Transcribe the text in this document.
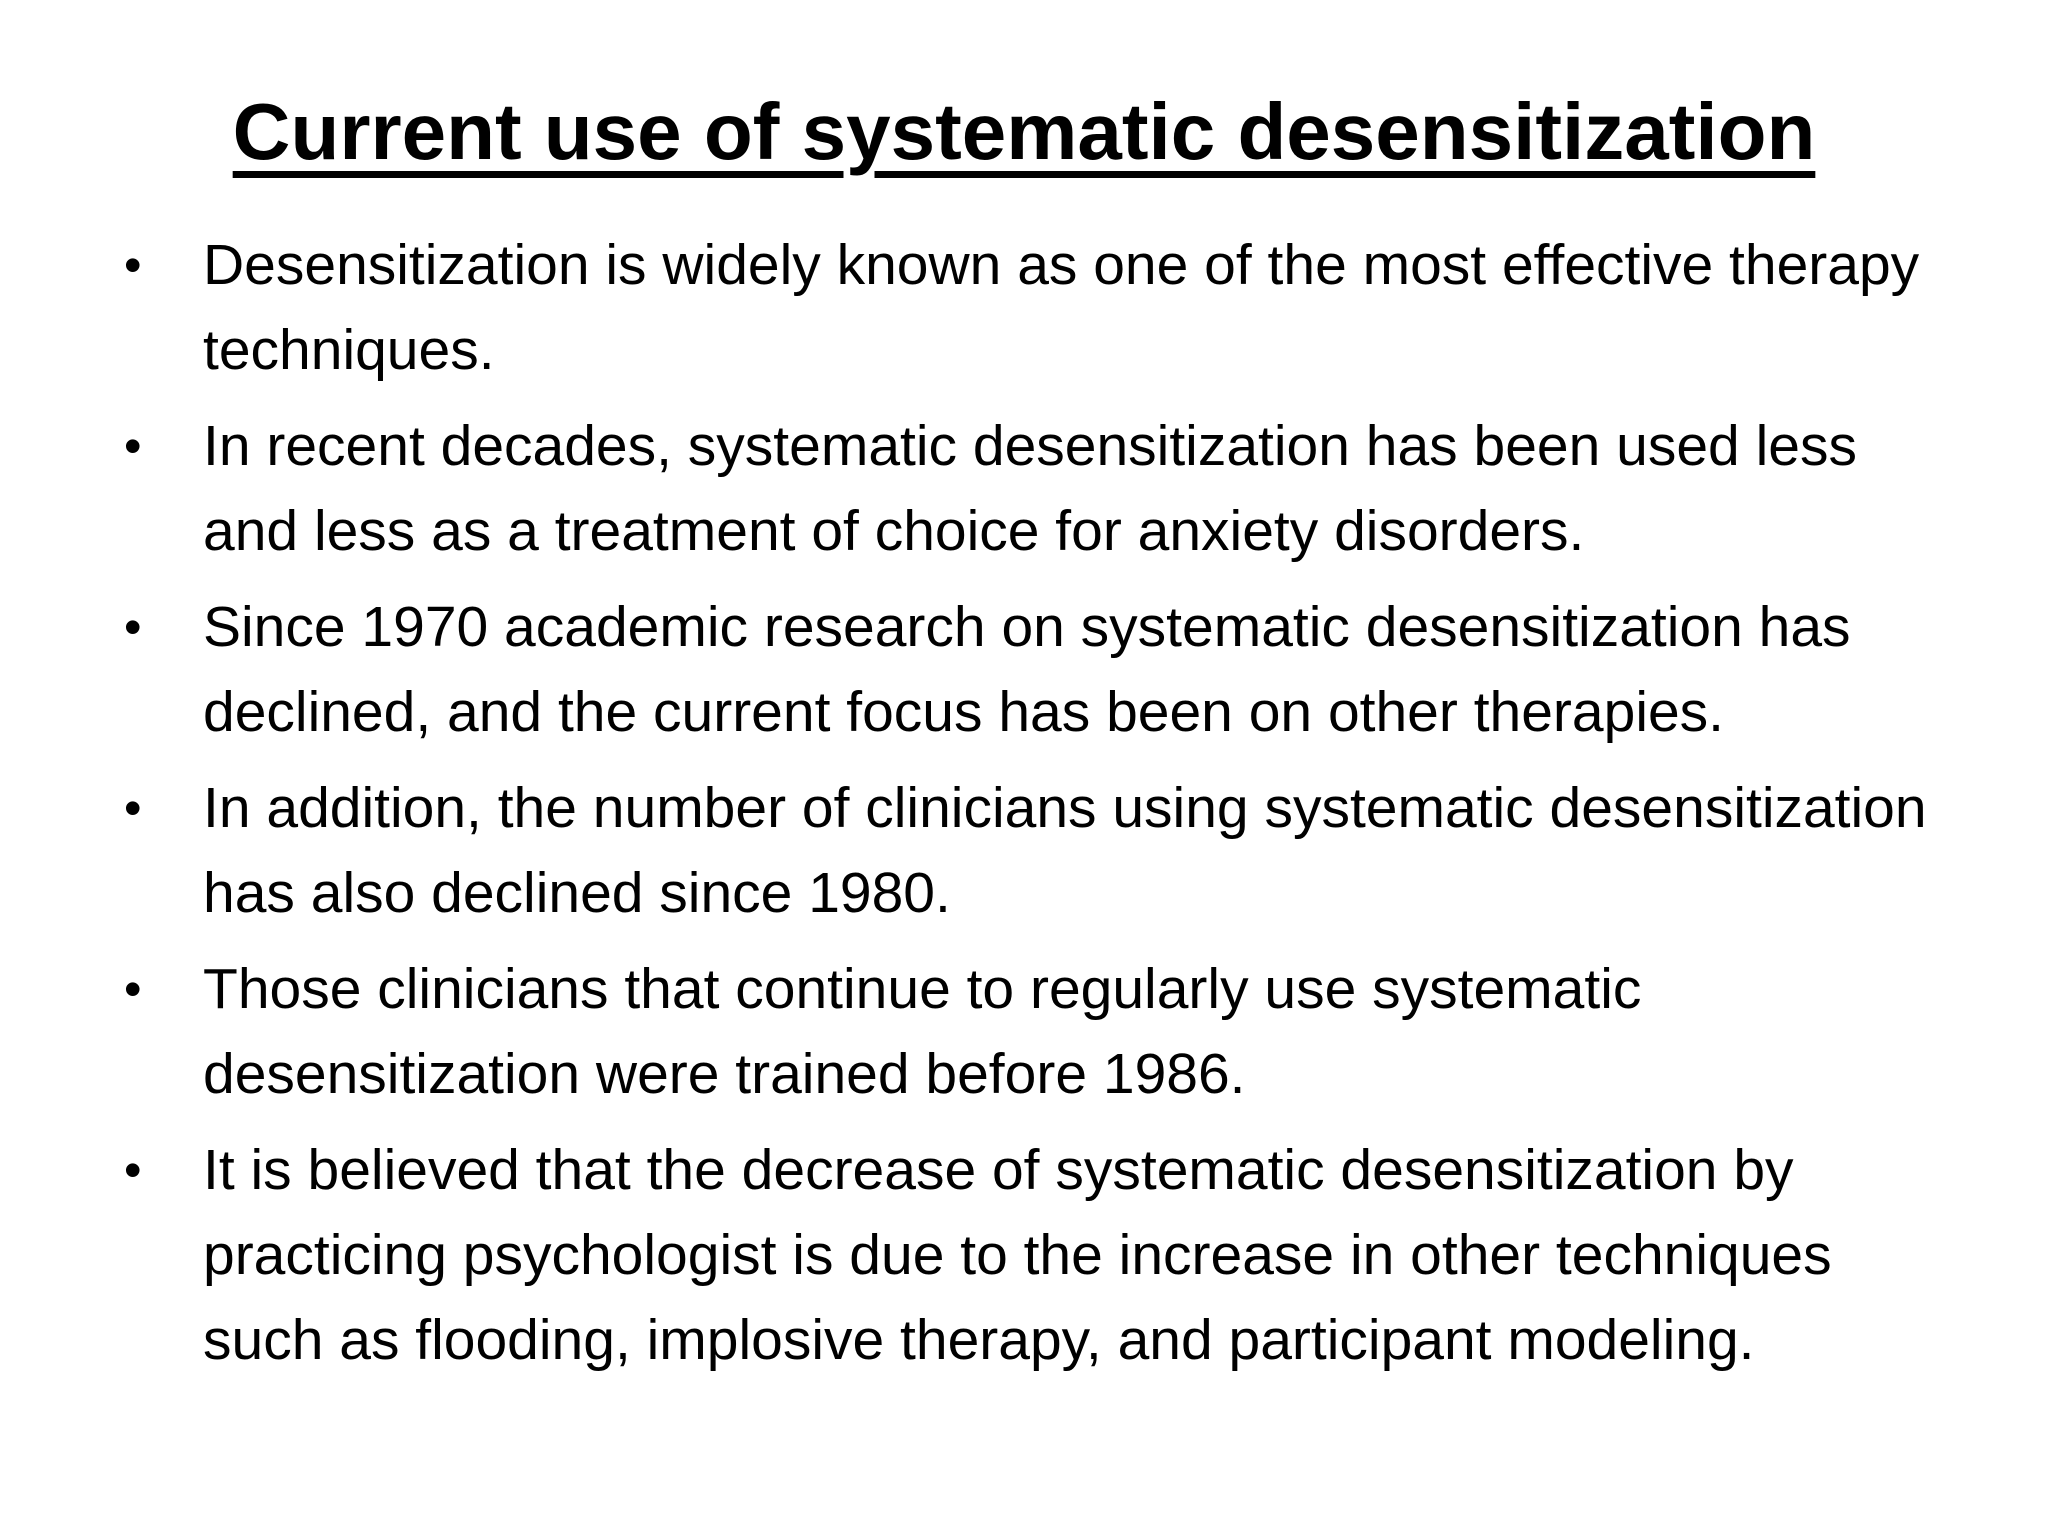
Current use of systematic desensitization
• Desensitization is widely known as one of the most effective therapy techniques.
• In recent decades, systematic desensitization has been used less and less as a treatment of choice for anxiety disorders.
• Since 1970 academic research on systematic desensitization has declined, and the current focus has been on other therapies.
• In addition, the number of clinicians using systematic desensitization has also declined since 1980.
• Those clinicians that continue to regularly use systematic desensitization were trained before 1986.
• It is believed that the decrease of systematic desensitization by practicing psychologist is due to the increase in other techniques such as flooding, implosive therapy, and participant modeling.
